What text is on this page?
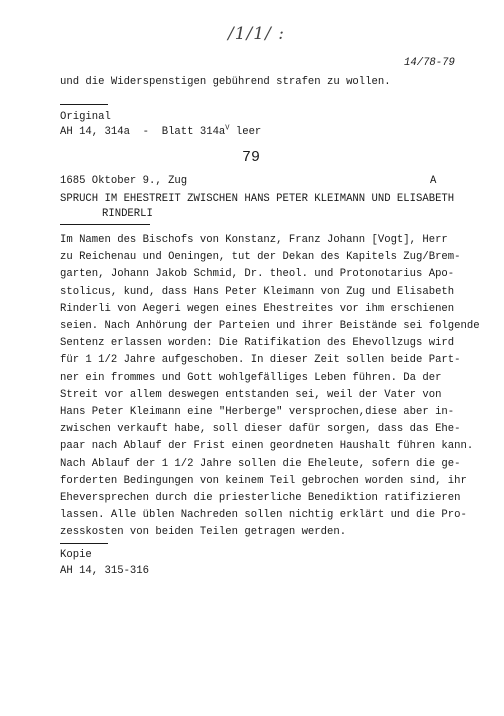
/1/1/ :
14/78-79
und die Widerspenstigen gebührend strafen zu wollen.
Original
AH 14, 314a  -  Blatt $314a^V$ leer
79
1685 Oktober 9., Zug	A
SPRUCH IM EHESTREIT ZWISCHEN HANS PETER KLEIMANN UND ELISABETH
RINDERLI
Im Namen des Bischofs von Konstanz, Franz Johann [Vogt], Herr
zu Reichenau und Oeningen, tut der Dekan des Kapitels Zug/Brem-
garten, Johann Jakob Schmid, Dr. theol. und Protonotarius Apo-
stolicus, kund, dass Hans Peter Kleimann von Zug und Elisabeth
Rinderli von Aegeri wegen eines Ehestreites vor ihm erschienen
seien. Nach Anhörung der Parteien und ihrer Beistände sei folgende
Sentenz erlassen worden: Die Ratifikation des Ehevollzugs wird
für 1 1/2 Jahre aufgeschoben. In dieser Zeit sollen beide Part-
ner ein frommes und Gott wohlgefälliges Leben führen. Da der
Streit vor allem deswegen entstanden sei, weil der Vater von
Hans Peter Kleimann eine "Herberge" versprochen,diese aber in-
zwischen verkauft habe, soll dieser dafür sorgen, dass das Ehe-
paar nach Ablauf der Frist einen geordneten Haushalt führen kann.
Nach Ablauf der 1 1/2 Jahre sollen die Eheleute, sofern die ge-
forderten Bedingungen von keinem Teil gebrochen worden sind, ihr
Eheversprechen durch die priesterliche Benediktion ratifizieren
lassen. Alle üblen Nachreden sollen nichtig erklärt und die Pro-
zesskosten von beiden Teilen getragen werden.
Kopie
AH 14, 315-316
